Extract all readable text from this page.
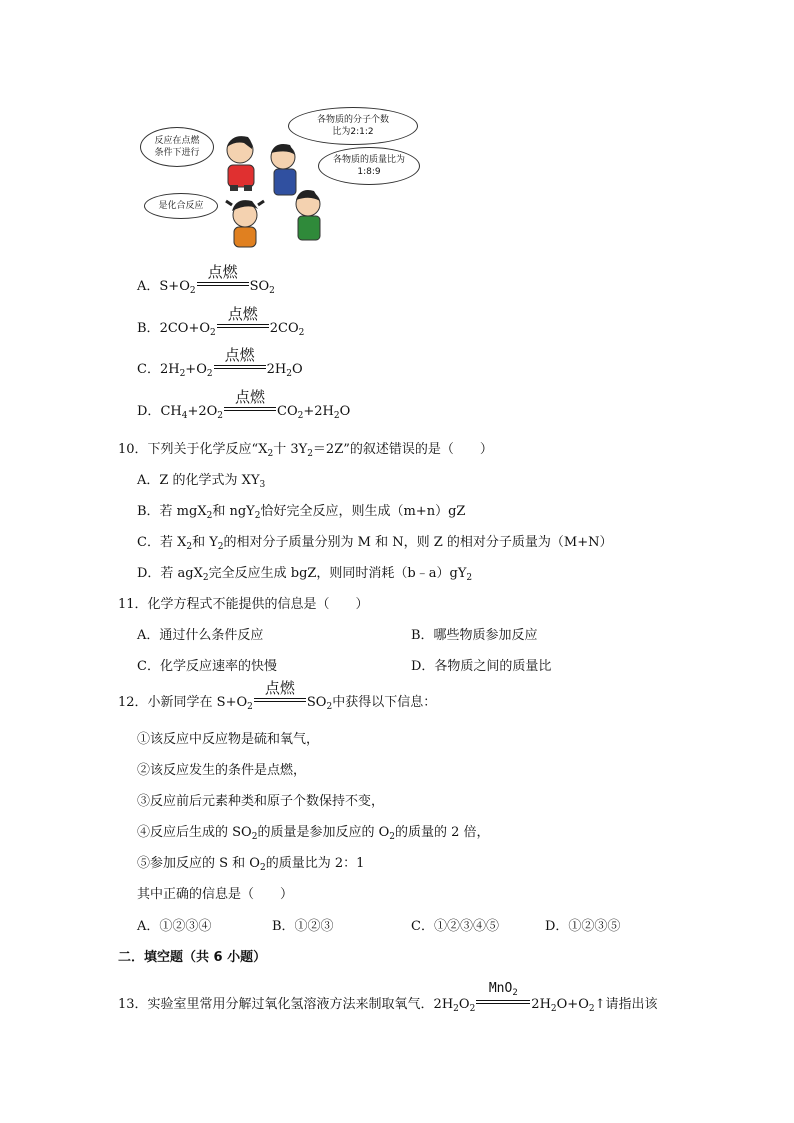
反应在点燃
条件下进行
各物质的分子个数
比为2:1:2
各物质的质量比为
1:8:9
是化合反应
A．$S+O_2$
点燃
$SO_2$
B．$2CO+O_2$
点燃
$2CO_2$
C．$2H_2+O_2$
点燃
$2H_2O$
D．$CH_4+2O_2$
点燃
$CO_2+2H_2O$
10．下列关于化学反应“$X_2$十 $3Y_2=2Z$”的叙述错误的是（　　）
A．Z 的化学式为 $XY_3$
B．若 mgX$_2$和 ngY$_2$恰好完全反应，则生成（m+n）gZ
C．若 $X_2$和 $Y_2$的相对分子质量分别为 M 和 N，则 Z 的相对分子质量为（M+N）
D．若 agX$_2$完全反应生成 bgZ，则同时消耗$(b﹣a)gY_2$
11．化学方程式不能提供的信息是（　　）
A．通过什么条件反应	B．哪些物质参加反应
C．化学反应速率的快慢	D．各物质之间的质量比
12．小新同学在 $S+O_2$
点燃
$SO_2$中获得以下信息：
①该反应中反应物是硫和氧气，
②该反应发生的条件是点燃，
③反应前后元素种类和原子个数保持不变，
④反应后生成的 $SO_2$的质量是参加反应的 $O_2$的质量的 2 倍，
⑤参加反应的 S 和 $O_2$的质量比为 2：1
其中正确的信息是（　　）
A．①②③④	B．①②③	C．①②③④⑤	D．①②③⑤
二．填空题（共 6 小题）
13．实验室里常用分解过氧化氢溶液方法来制取氧气．$2H_2O_2$
MnO$_2$
$2H_2O+O_2↑$请指出该
